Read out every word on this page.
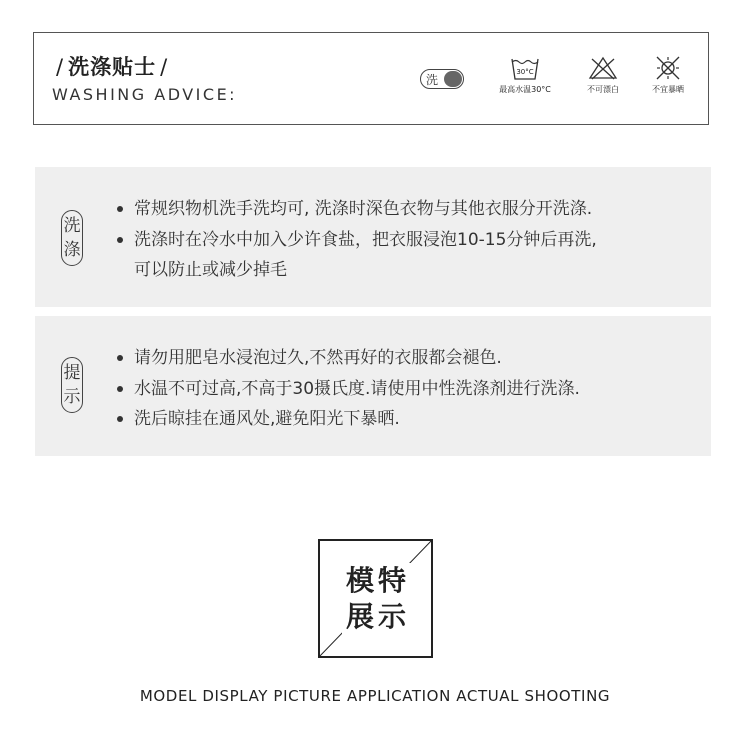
/ 洗涤贴士 /
WASHING ADVICE:
洗
30°C
最高水温30°C	不可漂白	不宜暴晒
洗
涤
常规织物机洗手洗均可, 洗涤时深色衣物与其他衣服分开洗涤.
洗涤时在冷水中加入少许食盐，把衣服浸泡10-15分钟后再洗,
可以防止或减少掉毛
提
示
请勿用肥皂水浸泡过久,不然再好的衣服都会褪色.
水温不可过高,不高于30摄氏度.请使用中性洗涤剂进行洗涤.
洗后晾挂在通风处,避免阳光下暴晒.
模特
展示
MODEL DISPLAY PICTURE APPLICATION ACTUAL SHOOTING
